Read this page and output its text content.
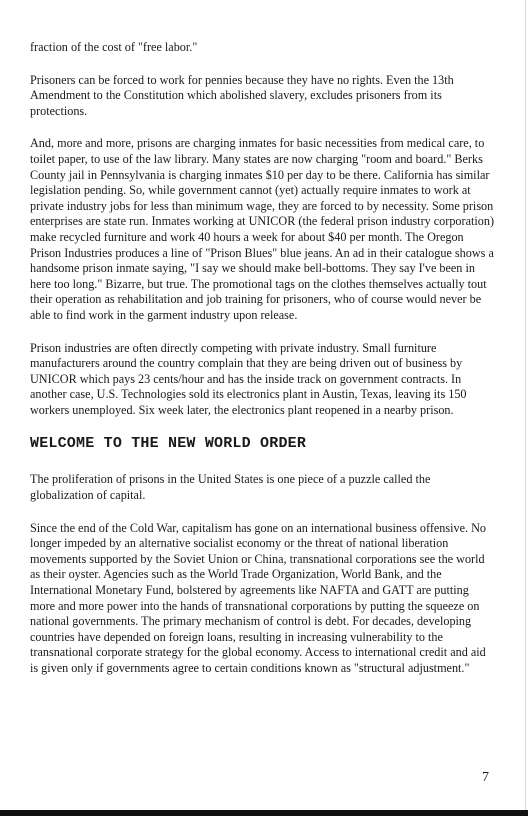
fraction of the cost of "free labor."

Prisoners can be forced to work for pennies because they have no rights. Even the 13th Amendment to the Constitution which abolished slavery, excludes prisoners from its protections.

And, more and more, prisons are charging inmates for basic necessities from medical care, to toilet paper, to use of the law library. Many states are now charging "room and board." Berks County jail in Pennsylvania is charging inmates $10 per day to be there. California has similar legislation pending. So, while government cannot (yet) actually require inmates to work at private industry jobs for less than minimum wage, they are forced to by necessity. Some prison enterprises are state run. Inmates working at UNICOR (the federal prison industry corporation) make recycled furniture and work 40 hours a week for about $40 per month. The Oregon Prison Industries produces a line of "Prison Blues" blue jeans. An ad in their catalogue shows a handsome prison inmate saying, "I say we should make bell-bottoms. They say I've been in here too long." Bizarre, but true. The promotional tags on the clothes themselves actually tout their operation as rehabilitation and job training for prisoners, who of course would never be able to find work in the garment industry upon release.

Prison industries are often directly competing with private industry. Small furniture manufacturers around the country complain that they are being driven out of business by UNICOR which pays 23 cents/hour and has the inside track on government contracts. In another case, U.S. Technologies sold its electronics plant in Austin, Texas, leaving its 150 workers unemployed. Six week later, the electronics plant reopened in a nearby prison.

WELCOME TO THE NEW WORLD ORDER

The proliferation of prisons in the United States is one piece of a puzzle called the globalization of capital.

Since the end of the Cold War, capitalism has gone on an international business offensive. No longer impeded by an alternative socialist economy or the threat of national liberation movements supported by the Soviet Union or China, transnational corporations see the world as their oyster. Agencies such as the World Trade Organization, World Bank, and the International Monetary Fund, bolstered by agreements like NAFTA and GATT are putting more and more power into the hands of transnational corporations by putting the squeeze on national governments. The primary mechanism of control is debt. For decades, developing countries have depended on foreign loans, resulting in increasing vulnerability to the transnational corporate strategy for the global economy. Access to international credit and aid is given only if governments agree to certain conditions known as "structural adjustment."

7
